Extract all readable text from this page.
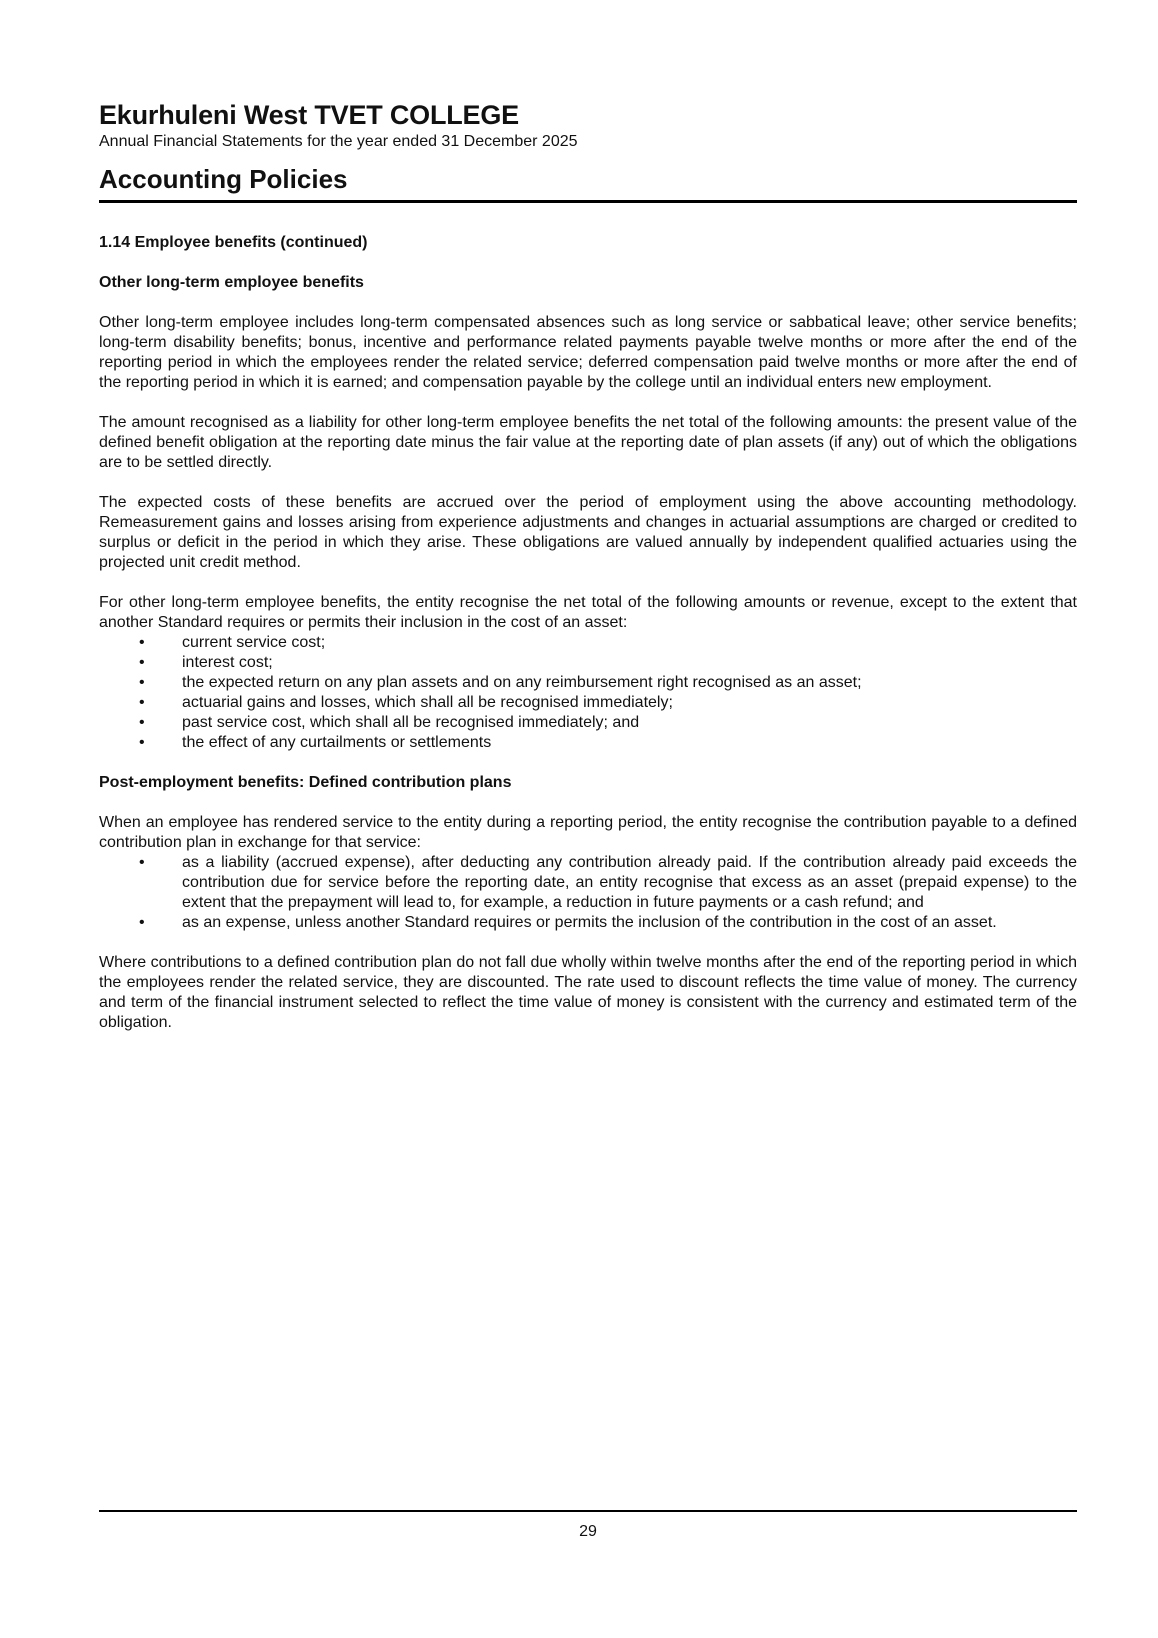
Ekurhuleni West TVET COLLEGE
Annual Financial Statements for the year ended 31 December 2025
Accounting Policies
1.14 Employee benefits (continued)
Other long-term employee benefits

Other long-term employee includes long-term compensated absences such as long service or sabbatical leave; other service benefits; long-term disability benefits; bonus, incentive and performance related payments payable twelve months or more after the end of the reporting period in which the employees render the related service; deferred compensation paid twelve months or more after the end of the reporting period in which it is earned; and compensation payable by the college until an individual enters new employment.

The amount recognised as a liability for other long-term employee benefits the net total of the following amounts: the present value of the defined benefit obligation at the reporting date minus the fair value at the reporting date of plan assets (if any) out of which the obligations are to be settled directly.

The expected costs of these benefits are accrued over the period of employment using the above accounting methodology. Remeasurement gains and losses arising from experience adjustments and changes in actuarial assumptions are charged or credited to surplus or deficit in the period in which they arise. These obligations are valued annually by independent qualified actuaries using the projected unit credit method.

For other long-term employee benefits, the entity recognise the net total of the following amounts or revenue, except to the extent that another Standard requires or permits their inclusion in the cost of an asset:

• current service cost;
• interest cost;
• the expected return on any plan assets and on any reimbursement right recognised as an asset;
• actuarial gains and losses, which shall all be recognised immediately;
• past service cost, which shall all be recognised immediately; and
• the effect of any curtailments or settlements
Post-employment benefits: Defined contribution plans

When an employee has rendered service to the entity during a reporting period, the entity recognise the contribution payable to a defined contribution plan in exchange for that service:

• as a liability (accrued expense), after deducting any contribution already paid. If the contribution already paid exceeds the contribution due for service before the reporting date, an entity recognise that excess as an asset (prepaid expense) to the extent that the prepayment will lead to, for example, a reduction in future payments or a cash refund; and
• as an expense, unless another Standard requires or permits the inclusion of the contribution in the cost of an asset.

Where contributions to a defined contribution plan do not fall due wholly within twelve months after the end of the reporting period in which the employees render the related service, they are discounted. The rate used to discount reflects the time value of money. The currency and term of the financial instrument selected to reflect the time value of money is consistent with the currency and estimated term of the obligation.

29
